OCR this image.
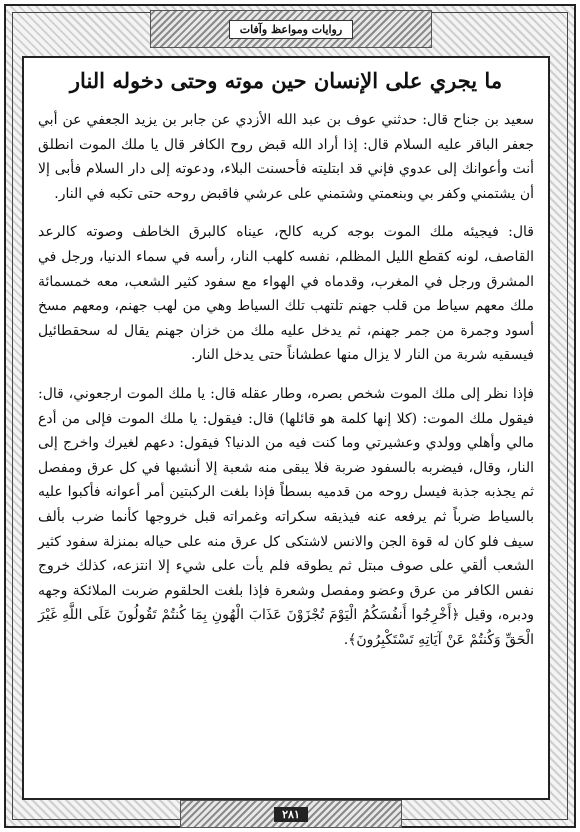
روايات ومواعظ وآفات
ما يجري على الإنسان حين موته وحتى دخوله النار

سعيد بن جناح قال: حدثني عوف بن عبد الله الأزدي عن جابر بن يزيد الجعفي عن أبي جعفر الباقر عليه السلام قال: إذا أراد الله قبض روح الكافر قال يا ملك الموت انطلق أنت وأعوانك إلى عدوي فإني قد ابتليته فأحسنت البلاء، ودعوته إلى دار السلام فأبى إلا أن يشتمني وكفر بي وبنعمتي وشتمني على عرشي فاقبض روحه حتى تكبه في النار.

قال: فيجيئه ملك الموت بوجه كريه كالح، عيناه كالبرق الخاطف وصوته كالرعد القاصف، لونه كقطع الليل المظلم، نفسه كلهب النار، رأسه في سماء الدنيا، ورجل في المشرق ورجل في المغرب، وقدماه في الهواء مع سفود كثير الشعب، معه خمسمائة ملك معهم سياط من قلب جهنم تلتهب تلك السياط وهي من لهب جهنم، ومعهم مسخ أسود وجمرة من جمر جهنم، ثم يدخل عليه ملك من خزان جهنم يقال له سحقطائيل فيسقيه شربة من النار لا يزال منها عطشاناً حتى يدخل النار.

فإذا نظر إلى ملك الموت شخص بصره، وطار عقله قال: يا ملك الموت ارجعوني، قال: فيقول ملك الموت: (كلا إنها كلمة هو قائلها) قال: فيقول: يا ملك الموت فإلى من أدع مالي وأهلي وولدي وعشيرتي وما كنت فيه من الدنيا؟ فيقول: دعهم لغيرك واخرج إلى النار، وقال، فيضربه بالسفود ضربة فلا يبقى منه شعبة إلا أنشبها في كل عرق ومفصل ثم يجذبه جذبة فيسل روحه من قدميه بسطاً فإذا بلغت الركبتين أمر أعوانه فأكبوا عليه بالسياط ضرباً ثم يرفعه عنه فيذيقه سكراته وغمراته قبل خروجها كأنما ضرب بألف سيف فلو كان له قوة الجن والانس لاشتكى كل عرق منه على حياله بمنزلة سفود كثير الشعب ألقي على صوف مبتل ثم يطوقه فلم يأت على شيء إلا انتزعه، كذلك خروج نفس الكافر من عرق وعضو ومفصل وشعرة فإذا بلغت الحلقوم ضربت الملائكة وجهه ودبره، وقيل ﴿أَخْرِجُوا أَنفُسَكُمُ الْيَوْمَ تُجْزَوْنَ عَذَابَ الْهُونِ بِمَا كُنتُمْ تَقُولُونَ عَلَى اللَّهِ غَيْرَ الْحَقِّ وَكُنتُمْ عَنْ آيَاتِهِ تَسْتَكْبِرُونَ﴾.

٢٨١
